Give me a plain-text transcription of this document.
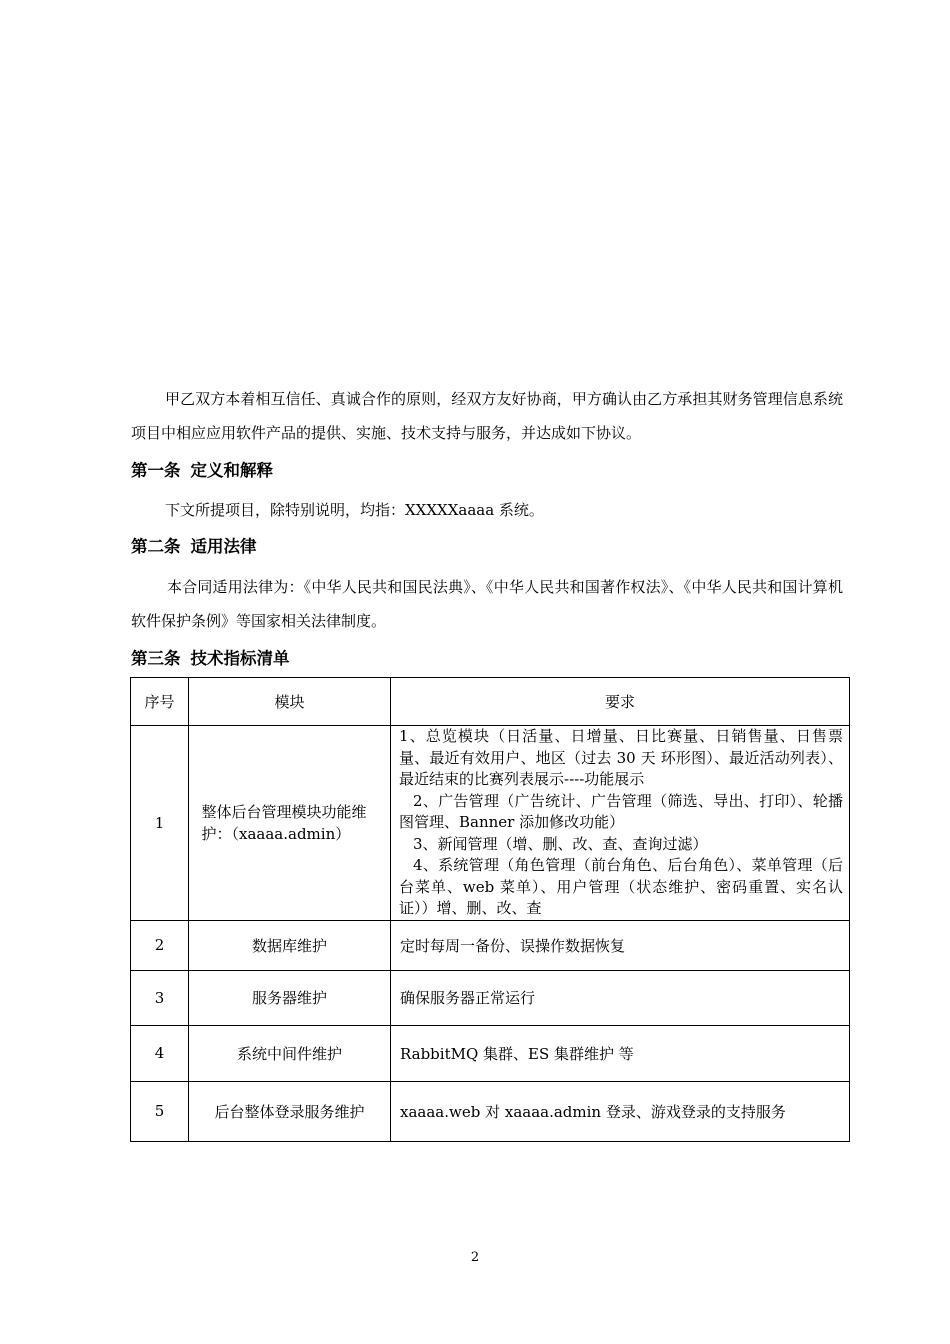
甲乙双方本着相互信任、真诚合作的原则，经双方友好协商，甲方确认由乙方承担其财务管理信息系统项目中相应应用软件产品的提供、实施、技术支持与服务，并达成如下协议。
第一条 定义和解释
下文所提项目，除特别说明，均指：XXXXXaaaa 系统。
第二条 适用法律
本合同适用法律为：《中华人民共和国民法典》、《中华人民共和国著作权法》、《中华人民共和国计算机软件保护条例》等国家相关法律制度。
第三条 技术指标清单
序号	模块	要求
1	整体后台管理模块功能维护：（xaaaa.admin）	1、总览模块（日活量、日增量、日比赛量、日销售量、日售票量、最近有效用户、地区（过去 30 天 环形图）、最近活动列表）、最近结束的比赛列表展示----功能展示
2、广告管理（广告统计、广告管理（筛选、导出、打印）、轮播图管理、Banner 添加修改功能）
3、新闻管理（增、删、改、查、查询过滤）
4、系统管理（角色管理（前台角色、后台角色）、菜单管理（后台菜单、web 菜单）、用户管理（状态维护、密码重置、实名认证））增、删、改、查

2	数据库维护	定时每周一备份、误操作数据恢复
3	服务器维护	确保服务器正常运行
4	系统中间件维护	RabbitMQ 集群、ES 集群维护 等
5	后台整体登录服务维护	xaaaa.web 对 xaaaa.admin 登录、游戏登录的支持服务
2
